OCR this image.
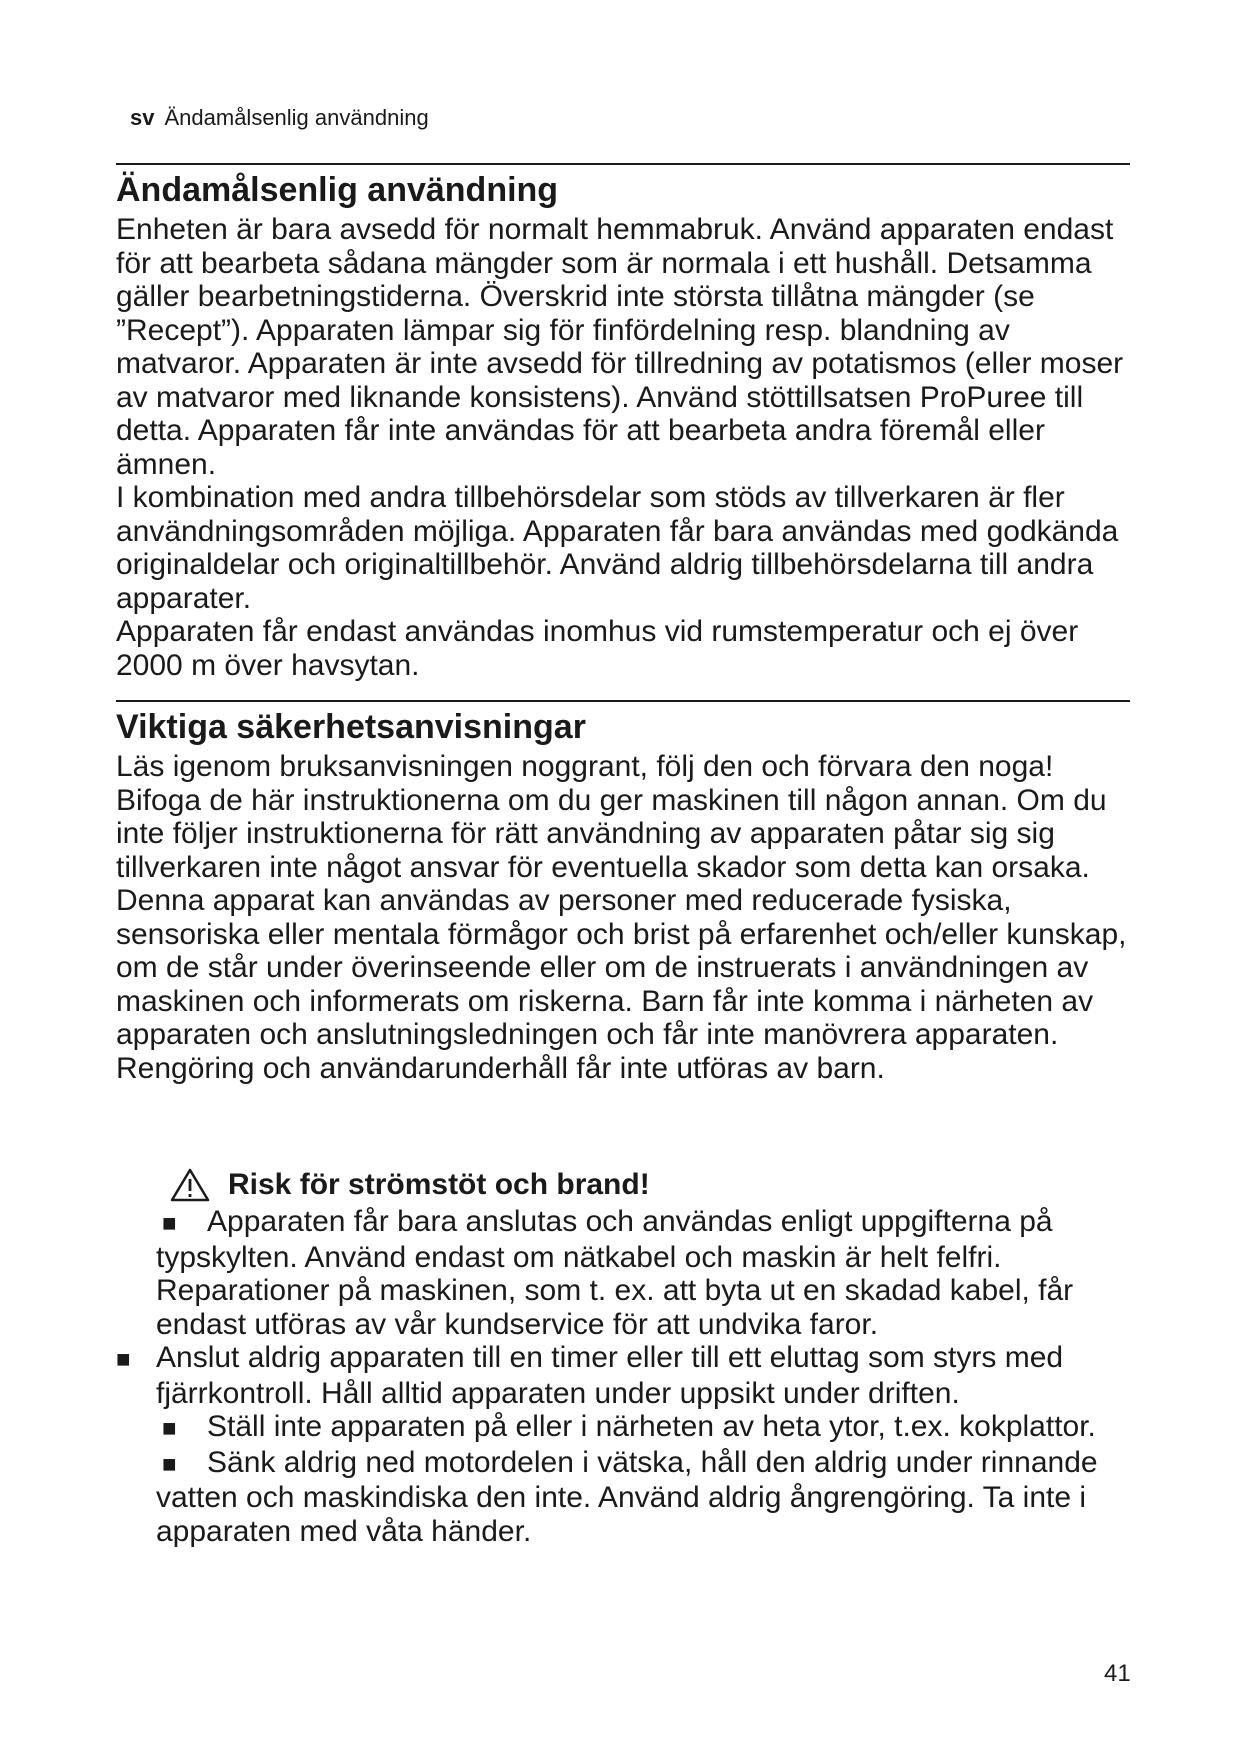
sv Ändamålsenlig användning
Ändamålsenlig användning

Enheten är bara avsedd för normalt hemmabruk. Använd apparaten endast för att bearbeta sådana mängder som är normala i ett hushåll. Detsamma gäller bearbetningstiderna. Överskrid inte största tillåtna mängder (se ”Recept”). Apparaten lämpar sig för finfördelning resp. blandning av matvaror. Apparaten är inte avsedd för tillredning av potatismos (eller moser av matvaror med liknande konsistens). Använd stöttillsatsen ProPuree till detta. Apparaten får inte användas för att bearbeta andra föremål eller ämnen.

I kombination med andra tillbehörsdelar som stöds av tillverkaren är fler användningsområden möjliga. Apparaten får bara användas med godkända originaldelar och originaltillbehör. Använd aldrig tillbehörsdelarna till andra apparater.

Apparaten får endast användas inomhus vid rumstemperatur och ej över 2000 m över havsytan.

Viktiga säkerhetsanvisningar

Läs igenom bruksanvisningen noggrant, följ den och förvara den noga! Bifoga de här instruktionerna om du ger maskinen till någon annan. Om du inte följer instruktionerna för rätt användning av apparaten påtar sig sig tillverkaren inte något ansvar för eventuella skador som detta kan orsaka.

Denna apparat kan användas av personer med reducerade fysiska, sensoriska eller mentala förmågor och brist på erfarenhet och/eller kunskap, om de står under överinseende eller om de instruerats i användningen av maskinen och informerats om riskerna. Barn får inte komma i närheten av apparaten och anslutningsledningen och får inte manövrera apparaten. Rengöring och användarunderhåll får inte utföras av barn.

Risk för strömstöt och brand!

■ Apparaten får bara anslutas och användas enligt uppgifterna på typskylten. Använd endast om nätkabel och maskin är helt felfri. Reparationer på maskinen, som t. ex. att byta ut en skadad kabel, får endast utföras av vår kundservice för att undvika faror.

■ Anslut aldrig apparaten till en timer eller till ett eluttag som styrs med fjärrkontroll. Håll alltid apparaten under uppsikt under driften.

■ Ställ inte apparaten på eller i närheten av heta ytor, t.ex. kokplattor.

■ Sänk aldrig ned motordelen i vätska, håll den aldrig under rinnande vatten och maskindiska den inte. Använd aldrig ångrengöring. Ta inte i apparaten med våta händer.

41
